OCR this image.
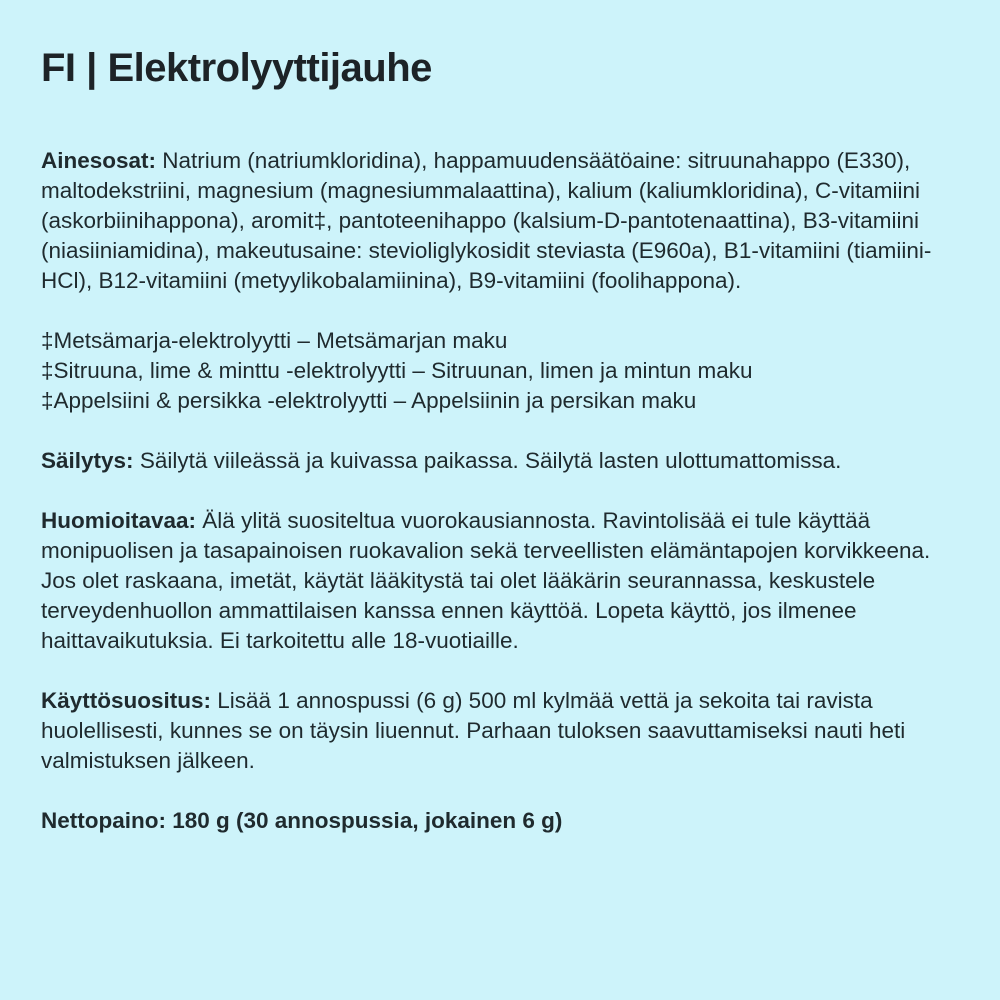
FI | Elektrolyyttijauhe

Ainesosat: Natrium (natriumkloridina), happamuudensäätöaine: sitruunahappo (E330), maltodekstriini, magnesium (magnesiummalaattina), kalium (kaliumkloridina), C-vitamiini (askorbiinihappona), aromit‡, pantoteenihappo (kalsium-D-pantotenaattina), B3-vitamiini (niasiiniamidina), makeutusaine: stevioliglykosidit steviasta (E960a), B1-vitamiini (tiamiini-HCl), B12-vitamiini (metyylikobalamiinina), B9-vitamiini (foolihappona).

‡Metsämarja-elektrolyytti – Metsämarjan maku
‡Sitruuna, lime & minttu -elektrolyytti – Sitruunan, limen ja mintun maku
‡Appelsiini & persikka -elektrolyytti – Appelsiinin ja persikan maku

Säilytys: Säilytä viileässä ja kuivassa paikassa. Säilytä lasten ulottumattomissa.

Huomioitavaa: Älä ylitä suositeltua vuorokausiannosta. Ravintolisää ei tule käyttää monipuolisen ja tasapainoisen ruokavalion sekä terveellisten elämäntapojen korvikkeena. Jos olet raskaana, imetät, käytät lääkitystä tai olet lääkärin seurannassa, keskustele terveydenhuollon ammattilaisen kanssa ennen käyttöä. Lopeta käyttö, jos ilmenee haittavaikutuksia. Ei tarkoitettu alle 18-vuotiaille.

Käyttösuositus: Lisää 1 annospussi (6 g) 500 ml kylmää vettä ja sekoita tai ravista huolellisesti, kunnes se on täysin liuennut. Parhaan tuloksen saavuttamiseksi nauti heti valmistuksen jälkeen.

Nettopaino: 180 g (30 annospussia, jokainen 6 g)
